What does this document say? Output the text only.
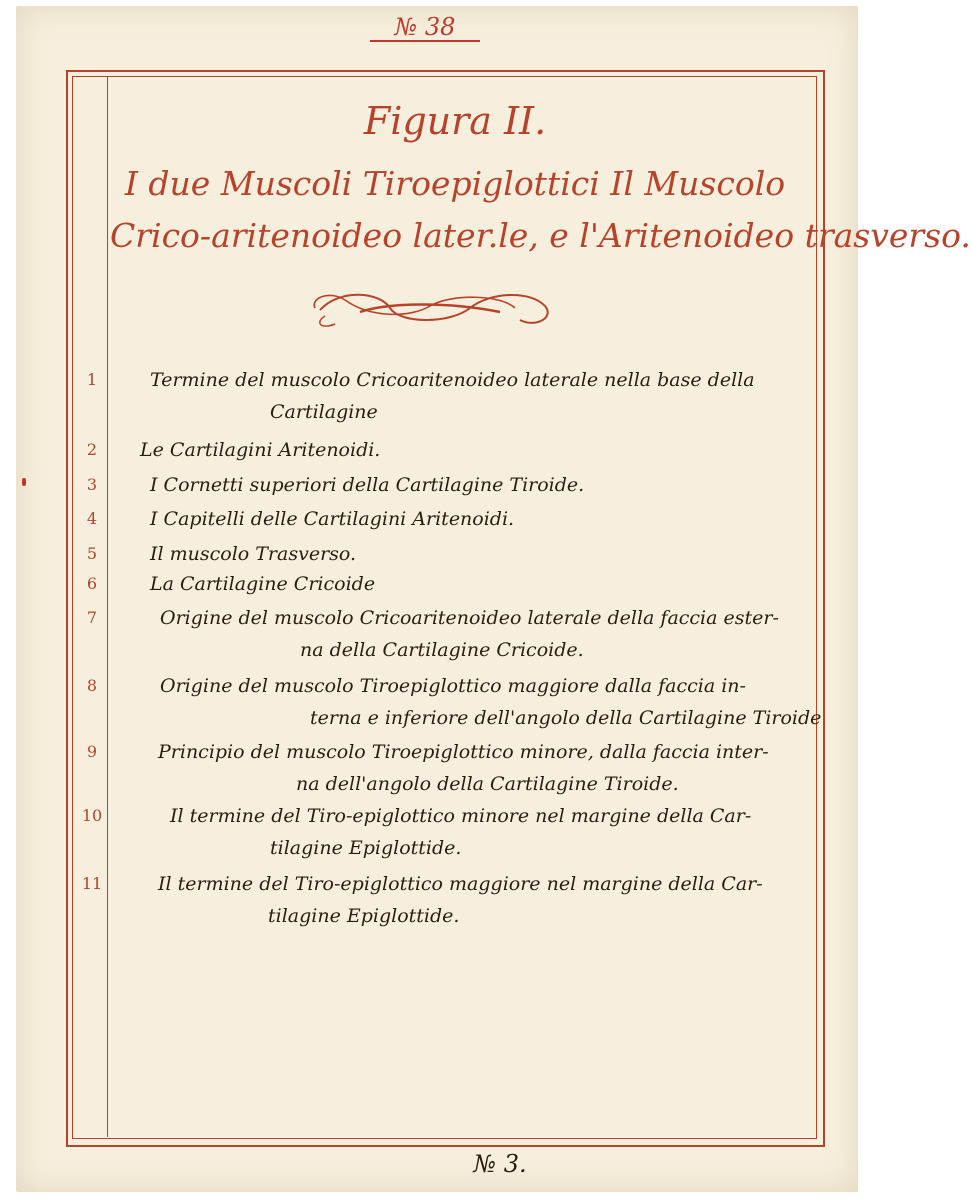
№ 38
Figura II.
I due Muscoli Tiroepiglottici Il Muscolo
Crico-aritenoideo later.le, e l'Aritenoideo trasverso.
1	Termine del muscolo Cricoaritenoideo laterale nella base della
Cartilagine
2	Le Cartilagini Aritenoidi.
3	I Cornetti superiori della Cartilagine Tiroide.
4	I Capitelli delle Cartilagini Aritenoidi.
5	Il muscolo Trasverso.
6	La Cartilagine Cricoide
7	Origine del muscolo Cricoaritenoideo laterale della faccia ester-
na della Cartilagine Cricoide.
8	Origine del muscolo Tiroepiglottico maggiore dalla faccia in-
terna e inferiore dell'angolo della Cartilagine Tiroide
9	Principio del muscolo Tiroepiglottico minore, dalla faccia inter-
na dell'angolo della Cartilagine Tiroide.
10	Il termine del Tiro-epiglottico minore nel margine della Car-
tilagine Epiglottide.
11	Il termine del Tiro-epiglottico maggiore nel margine della Car-
tilagine Epiglottide.
№ 3.
